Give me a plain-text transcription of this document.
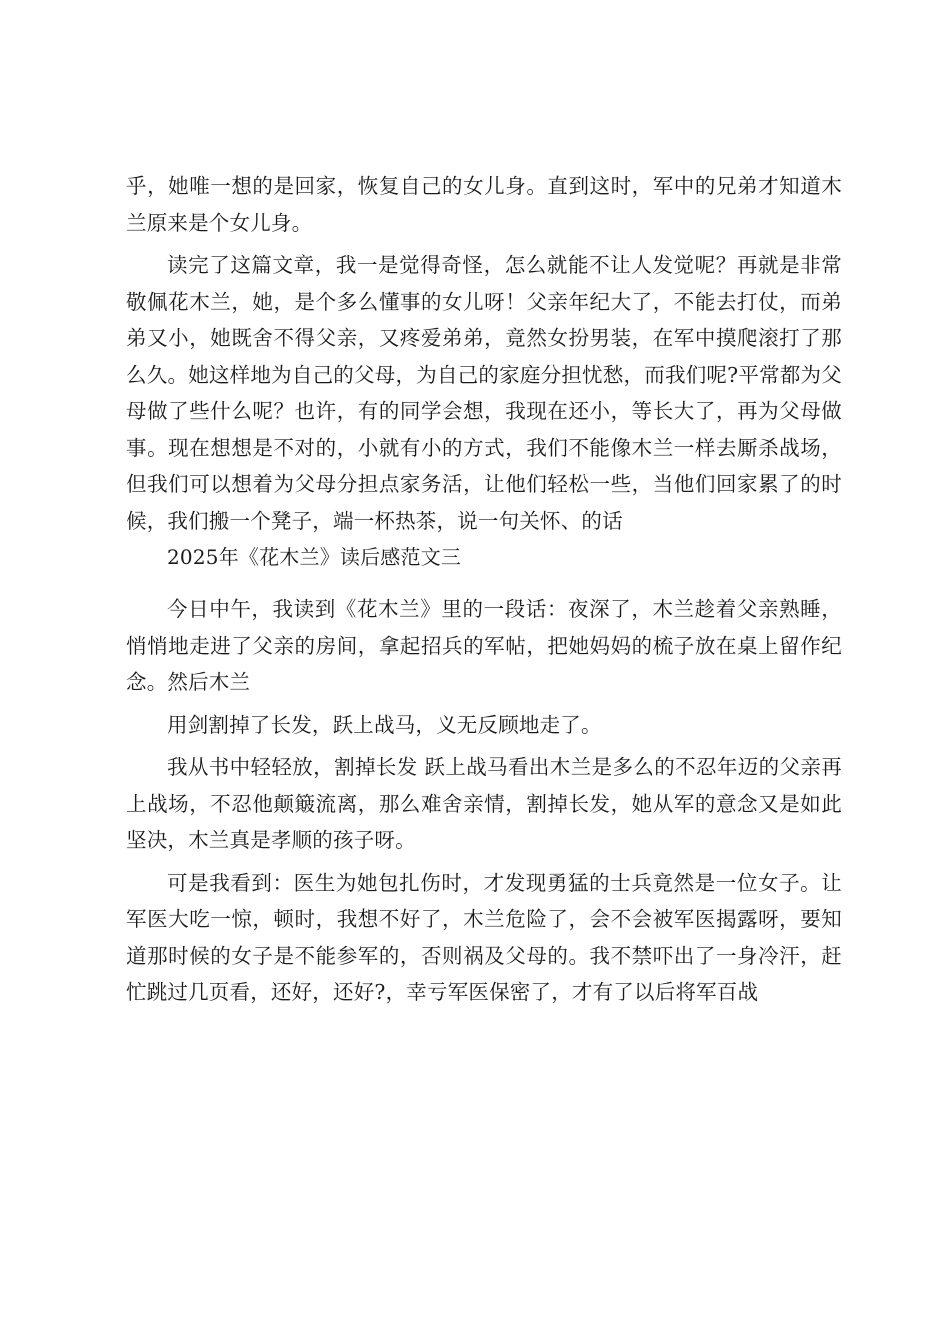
乎，她唯一想的是回家，恢复自己的女儿身。直到这时，军中的兄弟才知道木兰原来是个女儿身。

读完了这篇文章，我一是觉得奇怪，怎么就能不让人发觉呢？再就是非常敬佩花木兰，她，是个多么懂事的女儿呀！父亲年纪大了，不能去打仗，而弟弟又小，她既舍不得父亲，又疼爱弟弟，竟然女扮男装，在军中摸爬滚打了那么久。她这样地为自己的父母，为自己的家庭分担忧愁，而我们呢?平常都为父母做了些什么呢？也许，有的同学会想，我现在还小，等长大了，再为父母做事。现在想想是不对的，小就有小的方式，我们不能像木兰一样去厮杀战场，但我们可以想着为父母分担点家务活，让他们轻松一些，当他们回家累了的时候，我们搬一个凳子，端一杯热茶，说一句关怀、的话

2025年《花木兰》读后感范文三

今日中午，我读到《花木兰》里的一段话：夜深了，木兰趁着父亲熟睡，悄悄地走进了父亲的房间，拿起招兵的军帖，把她妈妈的梳子放在桌上留作纪念。然后木兰

用剑割掉了长发，跃上战马，义无反顾地走了。

我从书中轻轻放，割掉长发 跃上战马看出木兰是多么的不忍年迈的父亲再上战场，不忍他颠簸流离，那么难舍亲情，割掉长发，她从军的意念又是如此坚决，木兰真是孝顺的孩子呀。

可是我看到：医生为她包扎伤时，才发现勇猛的士兵竟然是一位女子。让军医大吃一惊，顿时，我想不好了，木兰危险了，会不会被军医揭露呀，要知道那时候的女子是不能参军的，否则祸及父母的。我不禁吓出了一身冷汗，赶忙跳过几页看，还好，还好?，幸亏军医保密了，才有了以后将军百战
